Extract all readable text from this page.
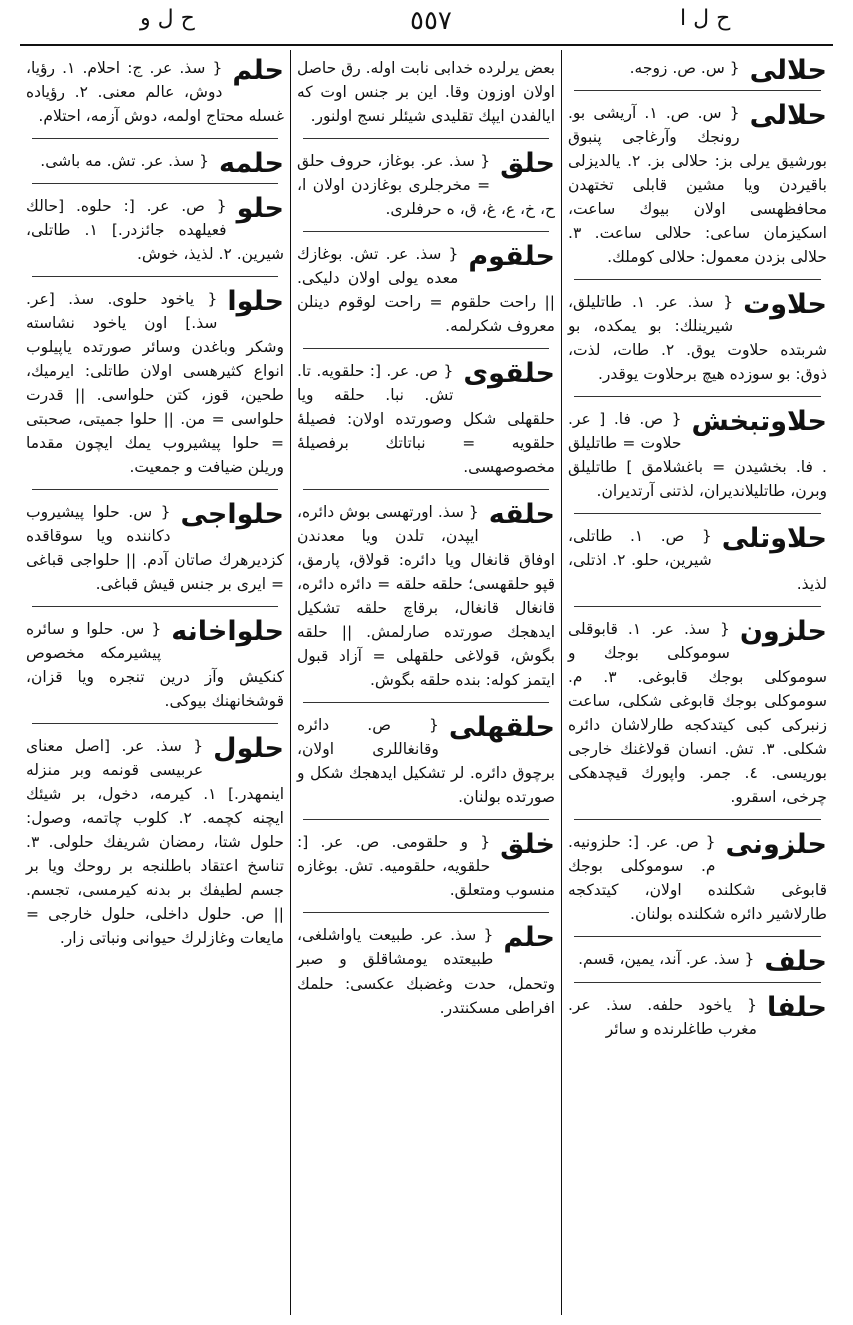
ح ل و	٥٥٧	ح ل ا
حلالی
{ س. ص. زوجه.
حلالی
{ س. ص. ١. آریشی بو. رونجك وآرغاجی پنبوق بورشیق یرلی بز: حلالی بز. ٢. یالدیزلی باقیردن ویا مشین قابلی تختهدن محافظهسی اولان بیوك ساعت، اسکیزمان ساعی: حلالی ساعت. ٣. حلالی بزدن معمول: حلالی کوملك.
حلاوت
{ سذ. عر. ١. طاتلیلق، شیرینلك: بو یمکده، بو شربتده حلاوت یوق. ٢. طات، لذت، ذوق: بو سوزده هیچ برحلاوت یوقدر.
حلاوتبخش
{ ص. فا. [ عر. حلاوت = طاتلیلق . فا. بخشیدن = باغشلامق ] طاتلیلق وبرن، طاتلیلاندیران، لذتنی آرتدیران.
حلاوتلی
{ ص. ١. طاتلی، شیرین، حلو. ٢. اذتلی، لذیذ.
حلزون
{ سذ. عر. ١. قابوقلی سوموکلی بوجك و سوموکلی بوجك قابوغی. ٣. م. سوموکلی بوجك قابوغی شکلی، ساعت زنبرکی کبی کیتدکجه طارلاشان دائره شکلی. ٣. تش. انسان قولاغنك خارجی بوریسی. ٤. جمر. واپورك قیچدهکی چرخی، اسقرو.
حلزونی
{ ص. عر. [: حلزونیه. م. سوموکلی بوجك قابوغی شکلنده اولان، کیتدکجه طارلاشیر دائره شکلنده بولنان.
حلف
{ سذ. عر. آند، یمین، قسم.
حلفا
{ یاخود حلفه. سذ. عر. مغرب طاغلرنده و سائر
بعض یرلرده خدابی نابت اوله. رق حاصل اولان اوزون وقا. این بر جنس اوت که ایالفدن ایپك تقلیدی شیئلر نسج اولنور.
حلق
{ سذ. عر. بوغاز، حروف حلق = مخرجلری بوغازدن اولان ا، ح، خ، ع، غ، ق، ه حرفلری.
حلقوم
{ سذ. عر. تش. بوغازك معده یولی اولان دلیکی. || راحت حلقوم = راحت لوقوم دینلن معروف شکرلمه.
حلقوی
{ ص. عر. [: حلقویه. تا. تش. نبا. حلقه ویا حلقهلی شکل وصورتده اولان: فصیلهٔ حلقویه = نباتاتك برفصیلهٔ مخصوصهسی.
حلقه
{ سذ. اورتهسی بوش دائره، ایپدن، تلدن ویا معدندن اوفاق قانغال ویا دائره: قولاق، پارمق، قپو حلقهسی؛ حلقه حلقه = دائره دائره، قانغال قانغال، برقاچ حلقه تشکیل ایدهجك صورتده صارلمش. || حلقه بگوش، قولاغی حلقهلی = آزاد قبول ایتمز کوله: بنده حلقه بگوش.
حلقهلی
{ ص. دائره وقانغاللری اولان، برچوق دائره. لر تشکیل ایدهجك شکل و صورتده بولنان.
خلق
{ و حلقومی. ص. عر. [: حلقویه، حلقومیه. تش. بوغازه منسوب ومتعلق.
حلم
{ سذ. عر. طبیعت یاواشلغی، طبیعتده یومشاقلق و صبر وتحمل، حدت وغضبك عکسی: حلمك افراطی مسکنتدر.
حلم
{ سذ. عر. ج: احلام. ١. رؤیا، دوش، عالم معنی. ٢. رؤیاده غسله محتاج اولمه، دوش آزمه، احتلام.
حلمه
{ سذ. عر. تش. مه باشی.
حلو
{ ص. عر. [: حلوه. [حالك فعیلهده جائزدر.] ١. طاتلی، شیرین. ٢. لذیذ، خوش.
حلوا
{ یاخود حلوی. سذ. [عر. سذ.] اون یاخود نشاسته وشکر وباغدن وسائر صورتده یاپیلوب انواع کثیرهسی اولان طاتلی: ایرمیك، طحین، قوز، کتن حلواسی. || قدرت حلواسی = من. || حلوا جمیتی، صحبتی = حلوا پیشیروب یمك ایچون مقدما وریلن ضیافت و جمعیت.
حلواجی
{ س. حلوا پیشیروب دکاننده ویا سوقاقده کزدیرهرك صاتان آدم. || حلواجی قباغی = ایری بر جنس قیش قباغی.
حلواخانه
{ س. حلوا و سائره پیشیرمکه مخصوص کنکیش وآز درین تنجره ویا قزان، قوشخانهنك بیوکی.
حلول
{ سذ. عر. [اصل معنای عربیسی قونمه وبر منزله اینمهدر.] ١. کیرمه، دخول، بر شیئك ایچنه کچمه. ٢. کلوب چاتمه، وصول: حلول شتا، رمضان شریفك حلولی. ٣. تناسخ اعتقاد باطلنجه بر روحك ویا بر جسم لطیفك بر بدنه کیرمسی، تجسم. || ص. حلول داخلی، حلول خارجی = مایعات وغازلرك حیوانی ونباتی زار.
